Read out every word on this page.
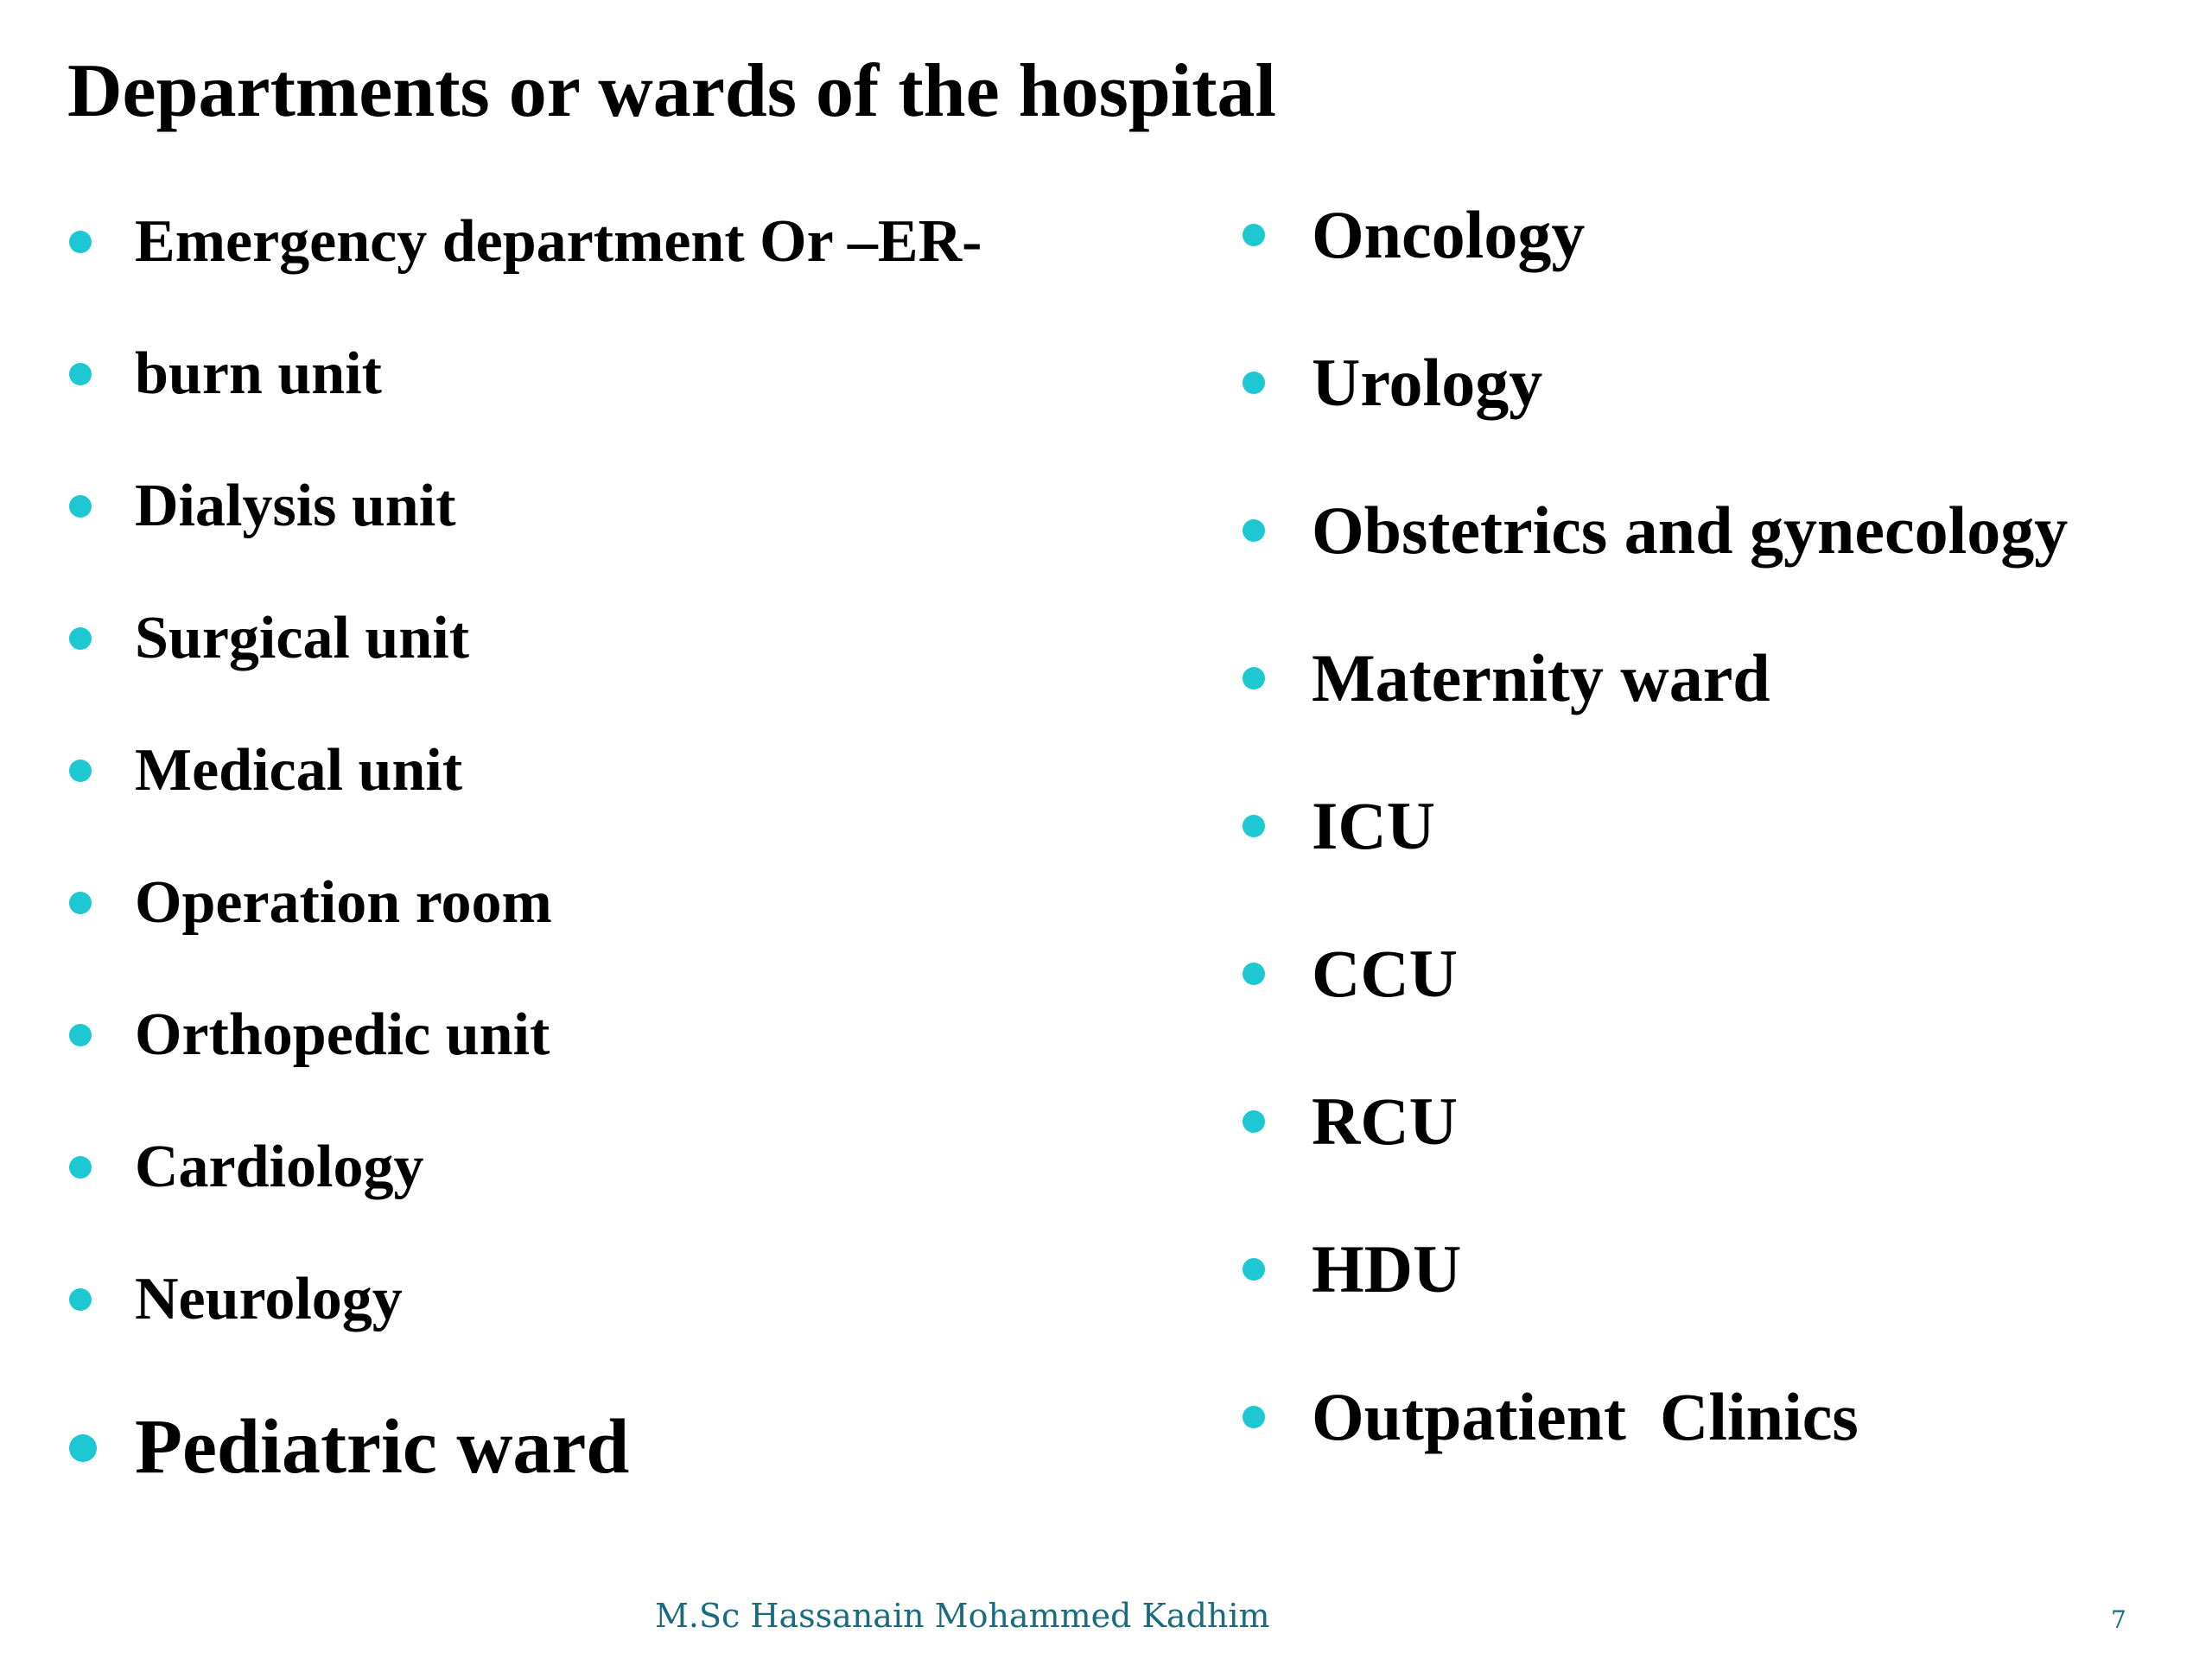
Departments or wards of the hospital
Emergency department Or –ER-
burn unit
Dialysis unit
Surgical unit
Medical unit
Operation room
Orthopedic unit
Cardiology
Neurology
Pediatric ward
Oncology
Urology
Obstetrics and gynecology
Maternity ward
ICU
CCU
RCU
HDU
Outpatient  Clinics
M.Sc Hassanain Mohammed Kadhim	7
